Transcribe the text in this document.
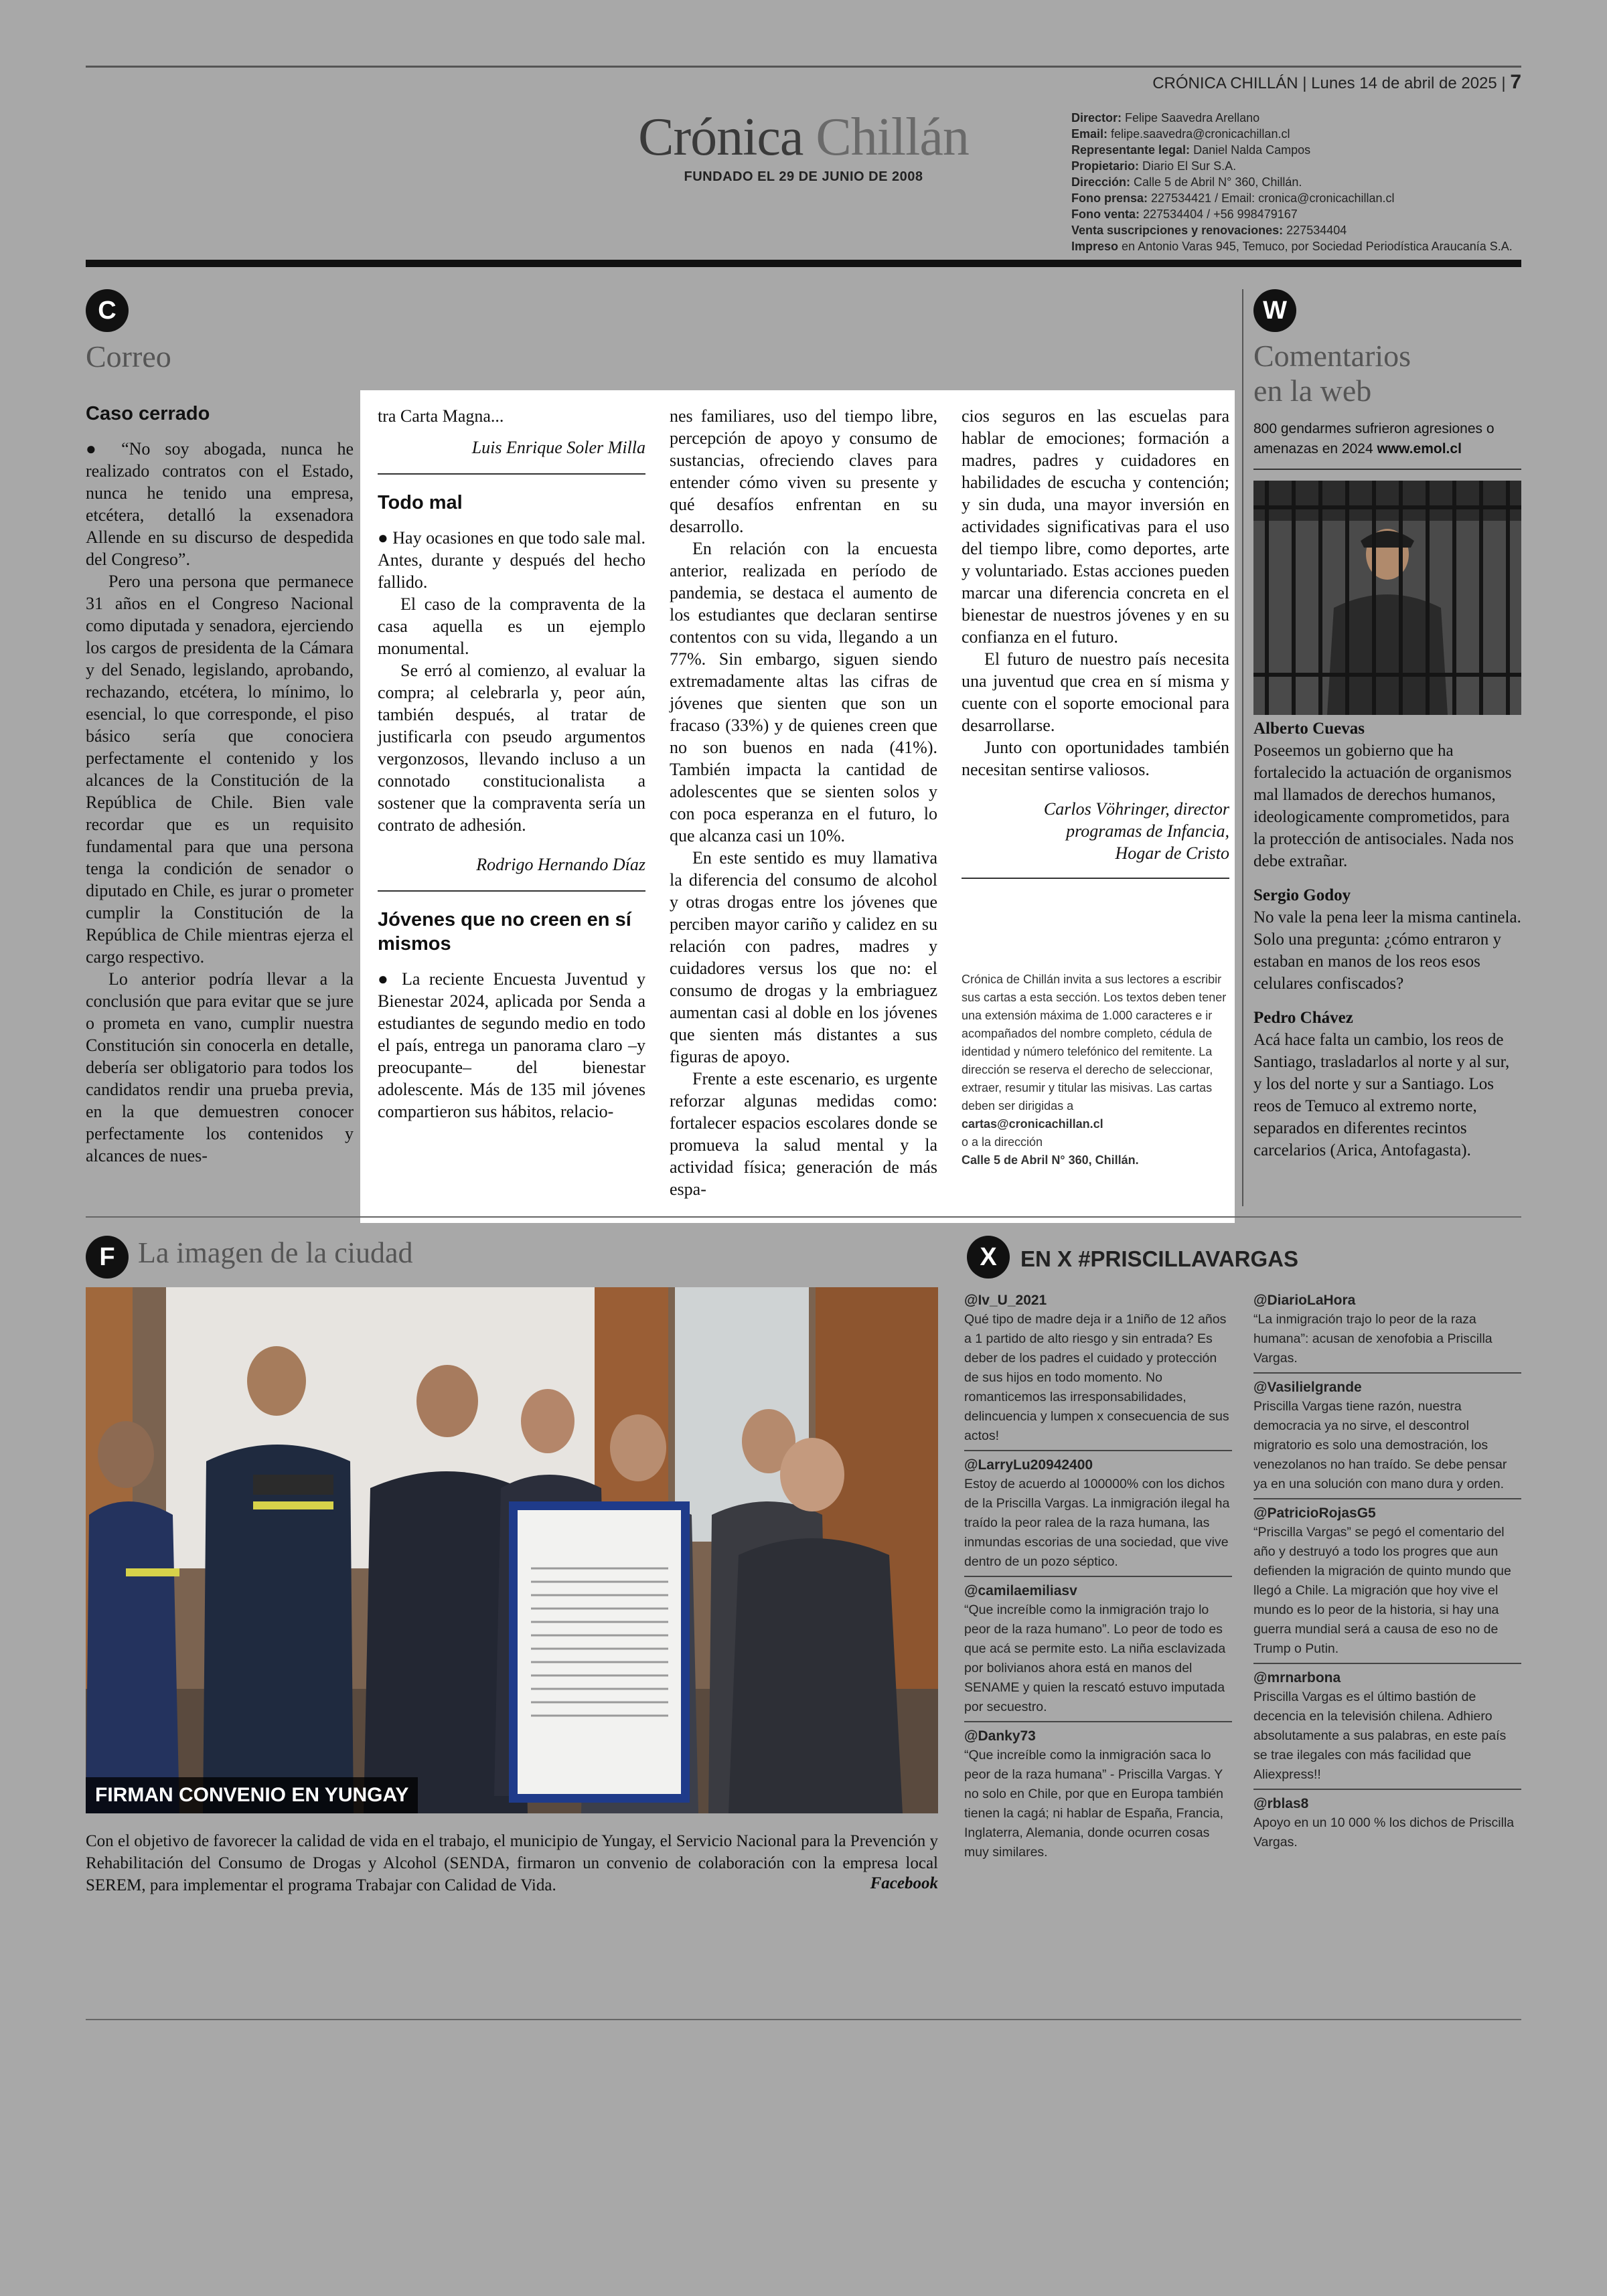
CRÓNICA CHILLÁN | Lunes 14 de abril de 2025 | 7
Crónica Chillán
FUNDADO EL 29 DE JUNIO DE 2008
Director: Felipe Saavedra Arellano
Email: felipe.saavedra@cronicachillan.cl
Representante legal: Daniel Nalda Campos
Propietario: Diario El Sur S.A.
Dirección: Calle 5 de Abril N° 360, Chillán.
Fono prensa: 227534421 / Email: cronica@cronicachillan.cl
Fono venta: 227534404 / +56 998479167
Venta suscripciones y renovaciones: 227534404
Impreso en Antonio Varas 945, Temuco, por Sociedad Periodística Araucanía S.A.
C
Correo
Caso cerrado

● “No soy abogada, nunca he realizado contratos con el Estado, nunca he tenido una empresa, etcétera, detalló la exsenadora Allende en su discurso de despedida del Congreso”.

Pero una persona que permanece 31 años en el Congreso Nacional como diputada y senadora, ejerciendo los cargos de presidenta de la Cámara y del Senado, legislando, aprobando, rechazando, etcétera, lo mínimo, lo esencial, lo que corresponde, el piso básico sería que conociera perfectamente el contenido y los alcances de la Constitución de la República de Chile. Bien vale recordar que es un requisito fundamental para que una persona tenga la condición de senador o diputado en Chile, es jurar o prometer cumplir la Constitución de la República de Chile mientras ejerza el cargo respectivo.

Lo anterior podría llevar a la conclusión que para evitar que se jure o prometa en vano, cumplir nuestra Constitución sin conocerla en detalle, debería ser obligatorio para todos los candidatos rendir una prueba previa, en la que demuestren conocer perfectamente los contenidos y alcances de nues-

tra Carta Magna...

Luis Enrique Soler Milla
Todo mal

● Hay ocasiones en que todo sale mal. Antes, durante y después del hecho fallido.

El caso de la compraventa de la casa aquella es un ejemplo monumental.

Se erró al comienzo, al evaluar la compra; al celebrarla y, peor aún, también después, al tratar de justificarla con pseudo argumentos vergonzosos, llevando incluso a un connotado constitucionalista a sostener que la compraventa sería un contrato de adhesión.

Rodrigo Hernando Díaz
Jóvenes que no creen en sí mismos

● La reciente Encuesta Juventud y Bienestar 2024, aplicada por Senda a estudiantes de segundo medio en todo el país, entrega un panorama claro –y preocupante– del bienestar adolescente. Más de 135 mil jóvenes compartieron sus hábitos, relacio-

nes familiares, uso del tiempo libre, percepción de apoyo y consumo de sustancias, ofreciendo claves para entender cómo viven su presente y qué desafíos enfrentan en su desarrollo.

En relación con la encuesta anterior, realizada en período de pandemia, se destaca el aumento de los estudiantes que declaran sentirse contentos con su vida, llegando a un 77%. Sin embargo, siguen siendo extremadamente altas las cifras de jóvenes que sienten que son un fracaso (33%) y de quienes creen que no son buenos en nada (41%). También impacta la cantidad de adolescentes que se sienten solos y con poca esperanza en el futuro, lo que alcanza casi un 10%.

En este sentido es muy llamativa la diferencia del consumo de alcohol y otras drogas entre los jóvenes que perciben mayor cariño y calidez en su relación con padres, madres y cuidadores versus los que no: el consumo de drogas y la embriaguez aumentan casi al doble en los jóvenes que sienten más distantes a sus figuras de apoyo.

Frente a este escenario, es urgente reforzar algunas medidas como: fortalecer espacios escolares donde se promueva la salud mental y la actividad física; generación de más espa-

cios seguros en las escuelas para hablar de emociones; formación a madres, padres y cuidadores en habilidades de escucha y contención; y sin duda, una mayor inversión en actividades significativas para el uso del tiempo libre, como deportes, arte y voluntariado. Estas acciones pueden marcar una diferencia concreta en el bienestar de nuestros jóvenes y en su confianza en el futuro.

El futuro de nuestro país necesita una juventud que crea en sí misma y cuente con el soporte emocional para desarrollarse.

Junto con oportunidades también necesitan sentirse valiosos.

Carlos Vöhringer, director
programas de Infancia,
Hogar de Cristo
Crónica de Chillán invita a sus lectores a escribir sus cartas a esta sección. Los textos deben tener una extensión máxima de 1.000 caracteres e ir acompañados del nombre completo, cédula de identidad y número telefónico del remitente. La dirección se reserva el derecho de seleccionar, extraer, resumir y titular las misivas. Las cartas deben ser dirigidas a
cartas@cronicachillan.cl
o a la dirección
Calle 5 de Abril N° 360, Chillán.
W
Comentarios
en la web
800 gendarmes sufrieron agresiones o amenazas en 2024 www.emol.cl
Alberto Cuevas
Poseemos un gobierno que ha fortalecido la actuación de organismos mal llamados de derechos humanos, ideologicamente comprometidos, para la protección de antisociales. Nada nos debe extrañar.
Sergio Godoy
No vale la pena leer la misma cantinela. Solo una pregunta: ¿cómo entraron y estaban en manos de los reos esos celulares confiscados?
Pedro Chávez
Acá hace falta un cambio, los reos de Santiago, trasladarlos al norte y al sur, y los del norte y sur a Santiago. Los reos de Temuco al extremo norte, separados en diferentes recintos carcelarios (Arica, Antofagasta).
F La imagen de la ciudad
FIRMAN CONVENIO EN YUNGAY
Con el objetivo de favorecer la calidad de vida en el trabajo, el municipio de Yungay, el Servicio Nacional para la Prevención y Rehabilitación del Consumo de Drogas y Alcohol (SENDA, firmaron un convenio de colaboración con la empresa local SEREM, para implementar el programa Trabajar con Calidad de Vida.	Facebook
X	EN X #PRISCILLAVARGAS
@Iv_U_2021
Qué tipo de madre deja ir a 1niño de 12 años a 1 partido de alto riesgo y sin entrada? Es deber de los padres el cuidado y protección de sus hijos en todo momento. No romanticemos las irresponsabilidades, delincuencia y lumpen x consecuencia de sus actos!
@LarryLu20942400
Estoy de acuerdo al 100000% con los dichos de la Priscilla Vargas. La inmigración ilegal ha traído la peor ralea de la raza humana, las inmundas escorias de una sociedad, que vive dentro de un pozo séptico.
@camilaemiliasv
“Que increíble como la inmigración trajo lo peor de la raza humano”. Lo peor de todo es que acá se permite esto. La niña esclavizada por bolivianos ahora está en manos del SENAME y quien la rescató estuvo imputada por secuestro.
@Danky73
“Que increíble como la inmigración saca lo peor de la raza humana” - Priscilla Vargas. Y no solo en Chile, por que en Europa también tienen la cagá; ni hablar de España, Francia, Inglaterra, Alemania, donde ocurren cosas muy similares.
@DiarioLaHora
“La inmigración trajo lo peor de la raza humana”: acusan de xenofobia a Priscilla Vargas.
@Vasilielgrande
Priscilla Vargas tiene razón, nuestra democracia ya no sirve, el descontrol migratorio es solo una demostración, los venezolanos no han traído. Se debe pensar ya en una solución con mano dura y orden.
@PatricioRojasG5
“Priscilla Vargas” se pegó el comentario del año y destruyó a todo los progres que aun defienden la migración de quinto mundo que llegó a Chile. La migración que hoy vive el mundo es lo peor de la historia, si hay una guerra mundial será a causa de eso no de Trump o Putin.
@mrnarbona
Priscilla Vargas es el último bastión de decencia en la televisión chilena. Adhiero absolutamente a sus palabras, en este país se trae ilegales con más facilidad que Aliexpress!!
@rblas8
Apoyo en un 10 000 % los dichos de Priscilla Vargas.
